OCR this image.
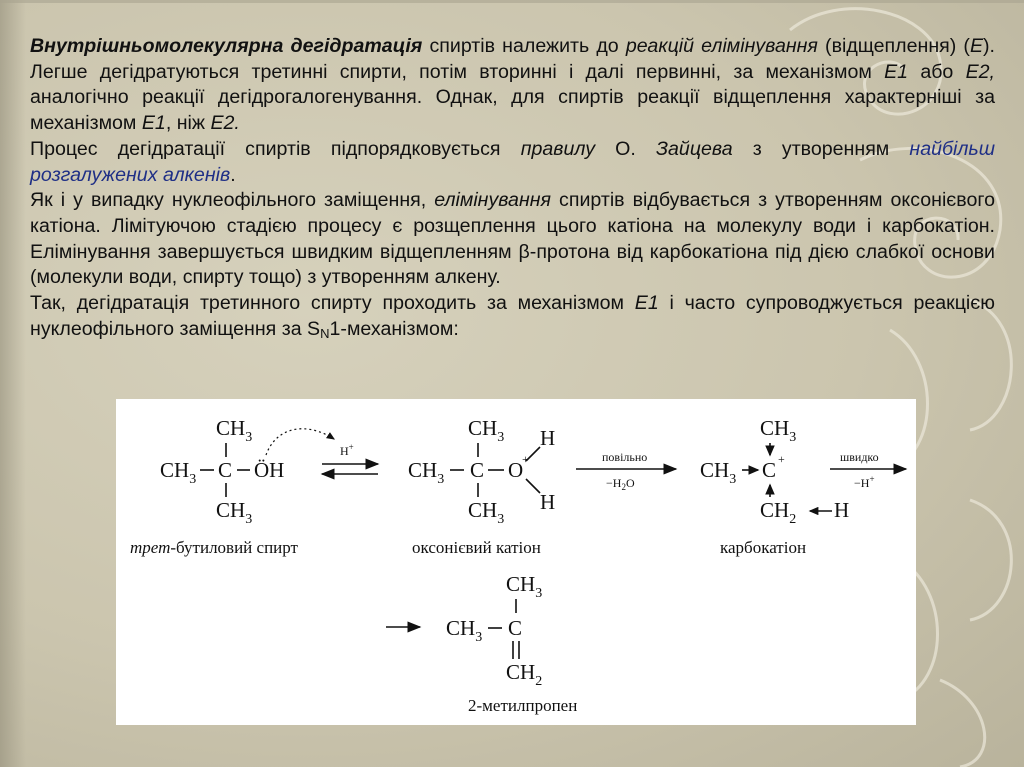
Внутрішньомолекулярна дегідратація спиртів належить до реакцій елімінування (відщеплення) (E). Легше дегідратуються третинні спирти, потім вторинні і далі первинні, за механізмом E1 або E2, аналогічно реакції дегідрогалогенування. Однак, для спиртів реакції відщеплення характерніші за механізмом E1, ніж E2.

Процес дегідратації спиртів підпорядковується правилу О. Зайцева з утворенням найбільш розгалужених алкенів.

Як і у випадку нуклеофільного заміщення, елімінування спиртів відбувається з утворенням оксонієвого катіона. Лімітуючою стадією процесу є розщеплення цього катіона на молекулу води і карбокатіон. Елімінування завершується швидким відщепленням β-протона від карбокатіона під дією слабкої основи (молекули води, спирту тощо) з утворенням алкену.

Так, дегідратація третинного спирту проходить за механізмом E1 і часто супроводжується реакцією нуклеофільного заміщення за $S_N1$-механізмом:

$CH_3$
$CH_3$ C ÖH
$CH_3$
трет-бутиловий спирт
H+
$CH_3$
$CH_3$ C O
+
H
H
$CH_3$
оксонієвий катіон
повільно
$-H_2O$
$CH_3$
$CH_3$ C +
$CH_2$ H
карбокатіон
швидко
−H+
$CH_3$
$CH_3$ C
$CH_2$
2-метилпропен
